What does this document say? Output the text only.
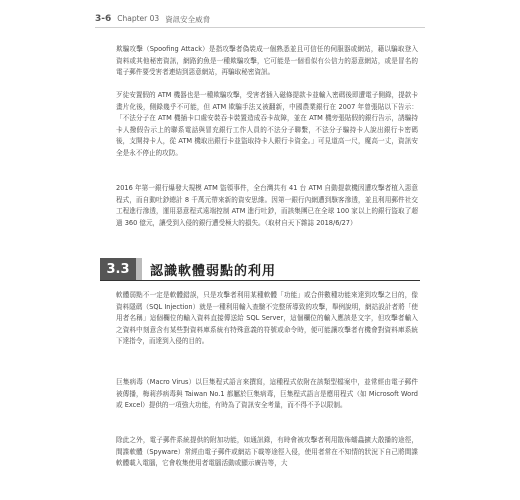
3-6 Chapter 03 資訊安全威脅

欺騙攻擊（Spoofing Attack）是指攻擊者偽裝成一個熟悉並且可信任的伺服器或網站，藉以騙取登入資料或其他秘密資訊，網路釣魚是一種欺騙攻擊，它可能是一個看似有公信力的惡意網站，或是冒名的電子郵件要受害者連結到惡意網站，再騙取秘密資訊。

歹徒安置假的 ATM 機器也是一種欺騙攻擊，受害者插入磁條提款卡並輸入密碼後即遭電子側錄，提款卡畫片化後，側錄幾乎不可能，但 ATM 欺騙手法又被翻新，中國農業銀行在 2007 年曾張貼以下告示：「不法分子在 ATM 機插卡口處安裝吞卡裝置造成吞卡故障，並在 ATM 機旁張貼假的銀行告示，誘騙持卡人撥假告示上的聯系電話與冒充銀行工作人員的不法分子聯繫，不法分子騙持卡人說出銀行卡密碼後，支開持卡人，從 ATM 機取出銀行卡並盜取持卡人銀行卡資金。」可見道高一尺，魔高一丈，資訊安全是永不停止的攻防。

2016 年第一銀行爆發大規模 ATM 盜領事件，全台灣共有 41 台 ATM 自動提款機因遭攻擊者植入惡意程式，而自動吐鈔總計 8 千萬元帶來新的資安思維。因第一銀行內網遭到駭客滲透，並且利用郵件社交工程進行滲透，運用惡意程式遠端控制 ATM 進行吐鈔，而該集團已在全球 100 家以上的銀行盜取了超過 360 億元，讓受到入侵的銀行遭受極大的損失。（取材自天下雜誌 2018/6/27）

3.3	認識軟體弱點的利用

軟體弱點不一定是軟體錯誤，只是攻擊者利用某種軟體「功能」或合併數種功能來達到攻擊之目的，像資料隱碼（SQL Injection）就是一種利用輸入查驗不完整所導致的攻擊，舉例說明，網站設計者將「使用者名稱」這個欄位的輸入資料直接傳送給 SQL Server，這個欄位的輸入應該是文字，但攻擊者輸入之資料中刻意含有某些對資料庫系統有特殊意義的符號或命令時，便可能讓攻擊者有機會對資料庫系統下達指令，而達到入侵的目的。

巨集病毒（Macro Virus）以巨集程式語言來撰寫，這種程式依附在該類型檔案中，並常經由電子郵件被傳播，梅莉莎病毒與 Taiwan No.1 都屬於巨集病毒，巨集程式語言是應用程式（如 Microsoft Word 或 Excel）提供的一項強大功能，有時為了資訊安全考量，而不得不予以限制。

除此之外，電子郵件系統提供的附加功能，如通訊錄，有時會被攻擊者利用散佈蠕蟲擴大散播的途徑，間諜軟體（Spyware）常經由電子郵件或網站下載等途徑入侵，使用者常在不知情的狀況下自己將間諜軟體載入電腦，它會收集使用者電腦活動或顯示廣告等，大
